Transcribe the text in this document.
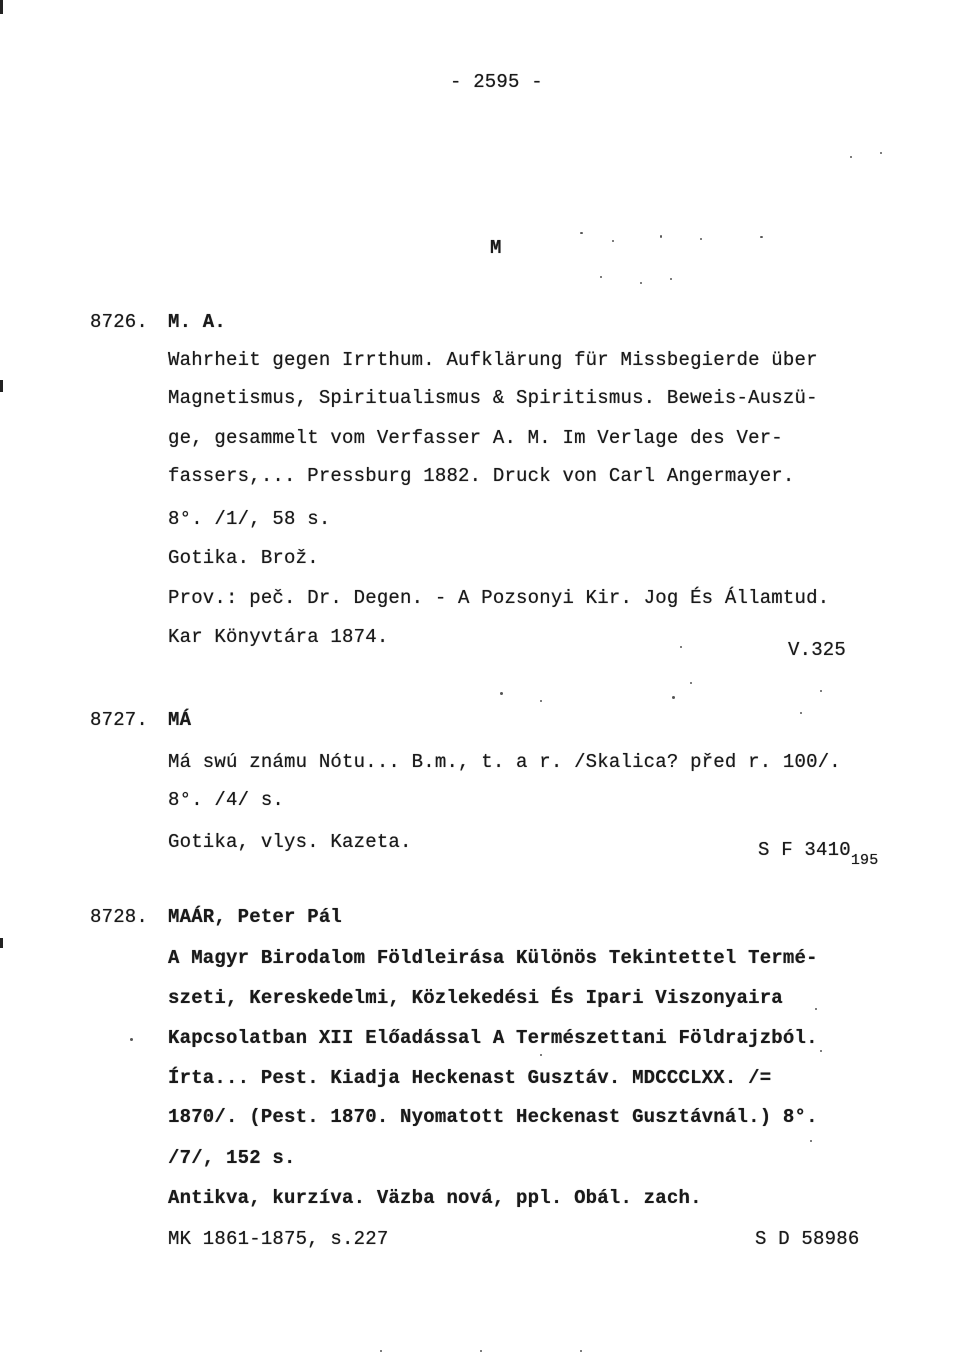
- 2595 -
M
8726. M. A.
Wahrheit gegen Irrthum. Aufklärung für Missbegierde über
Magnetismus, Spiritualismus & Spiritismus. Beweis-Auszü-
ge, gesammelt vom Verfasser A. M. Im Verlage des Ver-
fassers,... Pressburg 1882. Druck von Carl Angermayer.
8°. /1/, 58 s.
Gotika. Brož.
Prov.: peč. Dr. Degen. - A Pozsonyi Kir. Jog És Államtud.
Kar Könyvtára 1874.
V.325
8727. MÁ
Má swú známu Nótu... B.m., t. a r. /Skalica? před r. 100/.
8°. /4/ s.
Gotika, vlys. Kazeta.	S F $3410_{195}$
8728. MAÁR, Peter Pál
A Magyr Birodalom Földleirása Különös Tekintettel Termé-
szeti, Kereskedelmi, Közlekedési És Ipari Viszonyaira
Kapcsolatban XII Előadással A Természettani Földrajzból.
Írta... Pest. Kiadja Heckenast Gusztáv. MDCCCLXX. /=
1870/. (Pest. 1870. Nyomatott Heckenast Gusztávnál.) 8°.
/7/, 152 s.
Antikva, kurzíva. Väzba nová, ppl. Obál. zach.
MK 1861-1875, s.227	S D 58986
